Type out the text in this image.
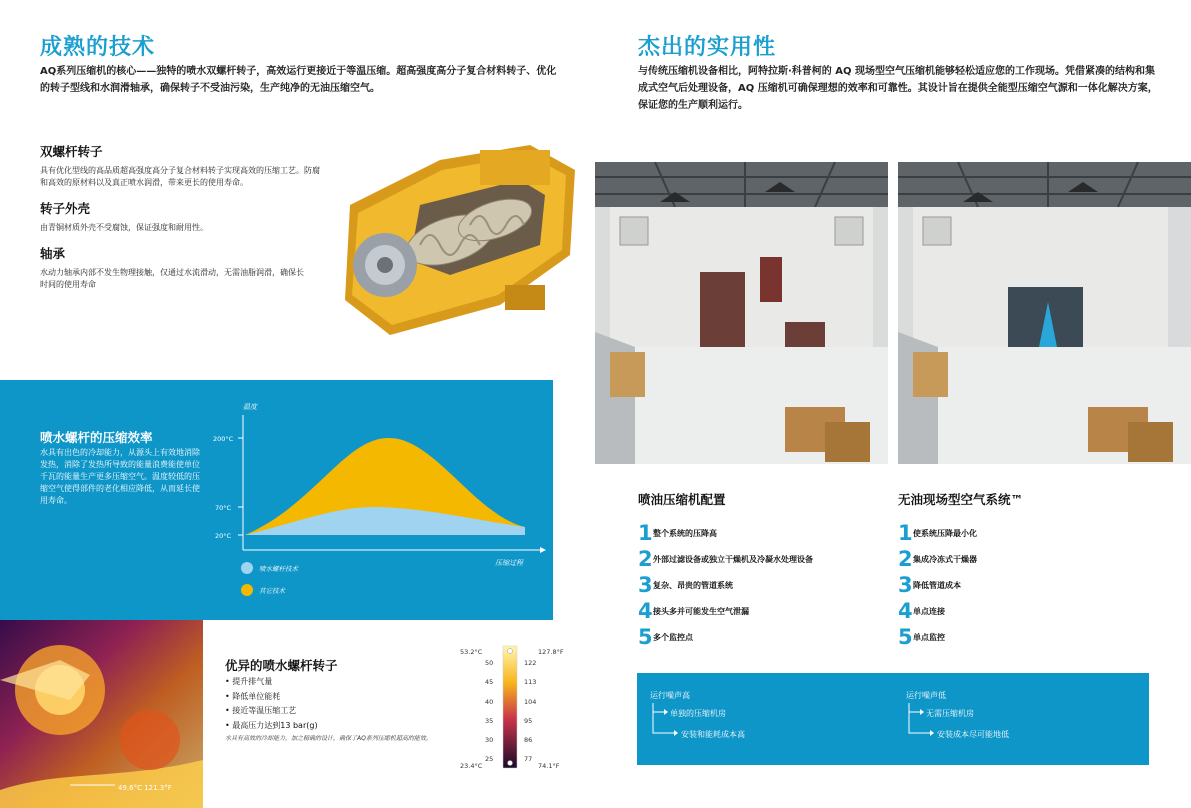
成熟的技术
AQ系列压缩机的核心——独特的喷水双螺杆转子，高效运行更接近于等温压缩。超高强度高分子复合材料转子、优化的转子型线和水润滑轴承，确保转子不受油污染，生产纯净的无油压缩空气。
双螺杆转子
具有优化型线的高品质超高强度高分子复合材料转子实现高效的压缩工艺。防腐和高效的原材料以及真正喷水润滑，带来更长的使用寿命。
转子外壳
由青铜材质外壳不受腐蚀，保证强度和耐用性。
轴承
水动力轴承内部不发生物理接触，仅通过水流滑动，无需油脂润滑，确保长时间的使用寿命
喷水螺杆的压缩效率
水具有出色的冷却能力，从源头上有效地消除发热，消除了发热所导致的能量浪费能使单位千瓦的能量生产更多压缩空气。温度较低的压缩空气使得部件的老化相应降低，从而延长使用寿命。
温度
200°C
70°C
20°C
压缩过程
喷水螺杆技术
其它技术
49.6°C 121.3°F
优异的喷水螺杆转子
• 提升排气量
• 降低单位能耗
• 接近等温压缩工艺
• 最高压力达到13 bar(g)
水具有高效的冷却能力，加之精确的设计，确保了AQ系列压缩机超高的能效。
53.2°C	127.8°F
23.4°C	74.1°F
50
45
40
35
30
25
122
113
104
95
86
77
杰出的实用性
与传统压缩机设备相比，阿特拉斯·科普柯的 AQ 现场型空气压缩机能够轻松适应您的工作现场。凭借紧凑的结构和集成式空气后处理设备，AQ 压缩机可确保理想的效率和可靠性。其设计旨在提供全能型压缩空气源和一体化解决方案，保证您的生产顺利运行。
喷油压缩机配置
1 整个系统的压降高
2 外部过滤设备或独立干燥机及冷凝水处理设备
3 复杂、昂贵的管道系统
4 接头多并可能发生空气泄漏
5 多个监控点
无油现场型空气系统™
1 使系统压降最小化
2 集成冷冻式干燥器
3 降低管道成本
4 单点连接
5 单点监控
运行噪声高
单独的压缩机房
安装和能耗成本高
运行噪声低
无需压缩机房
安装成本尽可能地低
